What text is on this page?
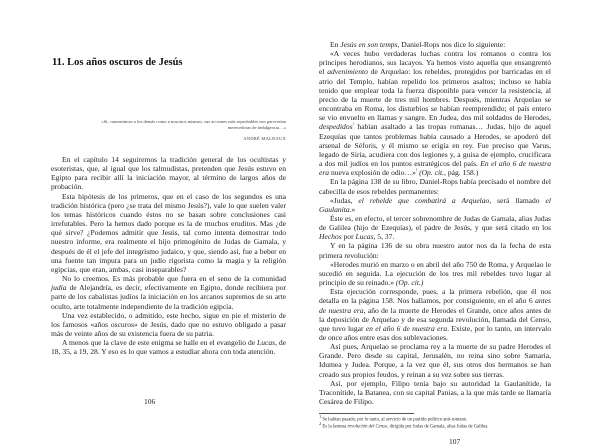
11. Los años oscuros de Jesús
«Si, consentimos a los demás como a nosotros mismos, sus acciones más reprobables nos parecerían merecedoras de indulgencia…»
ANDRÉ MALRAUX

En el capítulo 14 seguiremos la tradición general de los ocultistas y esoteristas, que, al igual que los talmudistas, pretenden que Jesús estuvo en Egipto para recibir allí la iniciación mayor, al término de largos años de probación.

Esta hipótesis de los primeros, que en el caso de los segundos es una tradición histórica (pero ¿se trata del mismo Jesús?), vale lo que suelen valer los temas históricos cuando éstos no se basan sobre conclusiones casi irrefutables. Pero la hemos dado porque es la de muchos eruditos. Mas ¿de qué sirve? ¿Podemos admitir que Jesús, tal como intenta demostrar todo nuestro informe, era realmente el hijo primogénito de Judas de Gamala, y después de él el jefe del integrismo judaico, y que, siendo así, fue a beber en una fuente tan impura para un judío rigorista como la magia y la religión egipcias, que eran, ambas, casi inseparables?

No lo creemos. Es más probable que fuera en el seno de la comunidad judía de Alejandría, es decir, efectivamente en Egipto, donde recibiera por parte de los cabalistas judíos la iniciación en los arcanos supremos de su arte oculto, arte totalmente independiente de la tradición egipcia.

Una vez establecido, o admitido, este hecho, sigue en pie el misterio de los famosos «años oscuros» de Jesús, dado que no estuvo obligado a pasar más de veinte años de su existencia fuera de su patria.

A menos que la clave de este enigma se halle en el evangelio de Lucas, de 18, 35, a 19, 28. Y eso es lo que vamos a estudiar ahora con toda atención.

106

En Jesús en son temps, Daniel-Rops nos dice lo siguiente:

«A veces hubo verdaderas luchas contra los romanos o contra los príncipes herodianos, sus lacayos. Ya hemos visto aquella que ensangrentó el advenimiento de Arquelao: los rebeldes, protegidos por barricadas en el atrio del Templo, habían repelido los primeros asaltos; incluso se había tenido que emplear toda la fuerza disponible para vencer la resistencia, al precio de la muerte de tres mil hombres. Después, mientras Arquelao se encontraba en Roma, los disturbios se habían reemprendido; el país entero se vio envuelto en llamas y sangre. En Judea, dos mil soldados de Herodes, despedidos$^{^1}$ habían asaltado a las tropas romanas… Judas, hijo de aquel Ezequías que tantos problemas había causado a Herodes, se apoderó del arsenal de Séforis, y él mismo se erigía en rey. Fue preciso que Varus, legado de Siria, acudiera con dos legiones y, a guisa de ejemplo, crucificara a dos mil judíos en los puntos estratégicos del país. En el año 6 de nuestra era nueva explosión de odio…»$^{^2}$ (Op. cit., pág. 158.)

En la página 138 de su libro, Daniel-Rops había precisado el nombre del cabecilla de esos rebeldes permanentes:

«Judas, el rebelde que combatirá a Arquelao, será llamado el Gaulanita.»

Éste es, en efecto, el tercer sobrenombre de Judas de Gamala, alias Judas de Galilea (hijo de Ezequías), el padre de Jesús, y que será citado en los Hechos por Lucas, 5, 37.

Y en la página 136 de su obra nuestro autor nos da la fecha de esta primera revolución:

«Herodes murió en marzo o en abril del año 750 de Roma, y Arquelao le sucedió en seguida. La ejecución de los tres mil rebeldes tuvo lugar al principio de su reinado.» (Op. cit.)

Esta ejecución corresponde, pues, a la primera rebelión, que él nos detalla en la página 158. Nos hallamos, por consiguiente, en el año 6 antes de nuestra era, año de la muerte de Herodes el Grande, once años antes de la deposición de Arquelao y de esa segunda revolución, llamada del Censo, que tuvo lugar en el año 6 de nuestra era. Existe, por lo tanto, un intervalo de once años entre esas dos sublevaciones.

Así pues, Arquelao se proclama rey a la muerte de su padre Herodes el Grande. Pero desde su capital, Jerusalén, no reina sino sobre Samaria, Idumea y Judea. Porque, a la vez que él, sus otros dos hermanos se han creado sus propios feudos, y reinan a su vez sobre sus tierras.

Así, por ejemplo, Filipo tenía bajo su autoridad la Gaulanítide, la Traconítide, la Batanea, con su capital Panias, a la que más tarde se llamaría Cesárea de Filipo.

$^1$ Se habían pasado, por lo tanto, al servicio de un partido político anti-romano.
$^2$ Es la famosa revolución del Censo, dirigida por Judas de Gamala, alias Judas de Galilea.
107
